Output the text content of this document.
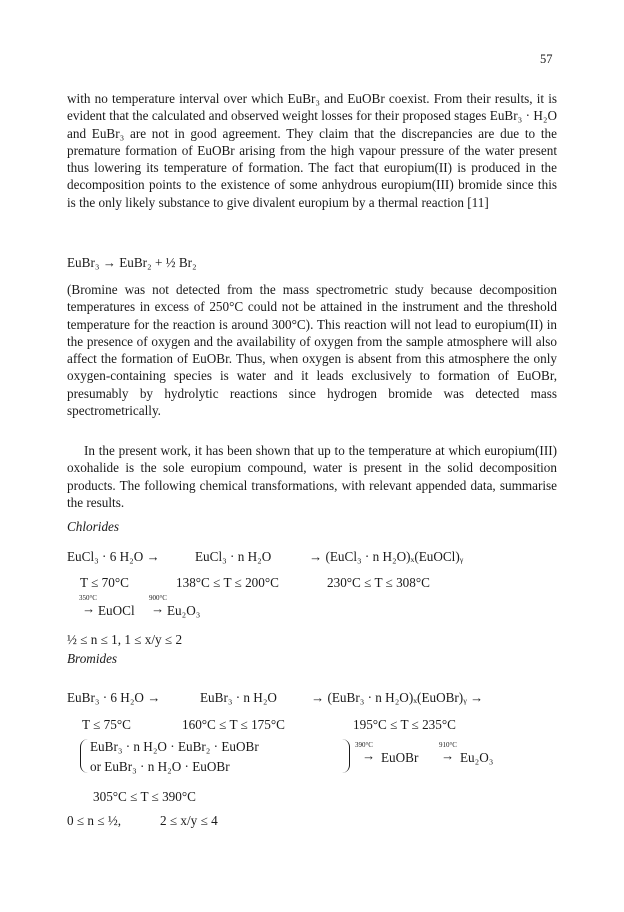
57

with no temperature interval over which EuBr₃ and EuOBr coexist. From their results, it is evident that the calculated and observed weight losses for their proposed stages EuBr₃ · H₂O and EuBr₃ are not in good agreement. They claim that the discrepancies are due to the premature formation of EuOBr arising from the high vapour pressure of the water present thus lowering its temperature of formation. The fact that europium(II) is produced in the decomposition points to the existence of some anhydrous europium(III) bromide since this is the only likely substance to give divalent europium by a thermal reaction [11]

EuBr₃ → EuBr₂ + ½ Br₂

(Bromine was not detected from the mass spectrometric study because decomposition temperatures in excess of 250°C could not be attained in the instrument and the threshold temperature for the reaction is around 300°C). This reaction will not lead to europium(II) in the presence of oxygen and the availability of oxygen from the sample atmosphere will also affect the formation of EuOBr. Thus, when oxygen is absent from this atmosphere the only oxygen-containing species is water and it leads exclusively to formation of EuOBr, presumably by hydrolytic reactions since hydrogen bromide was detected mass spectrometrically.

In the present work, it has been shown that up to the temperature at which europium(III) oxohalide is the sole europium compound, water is present in the solid decomposition products. The following chemical transformations, with relevant appended data, summarise the results.

Chlorides
EuCl₃ · 6 H₂O →	EuCl₃ · n H₂O	→ (EuCl₃ · n H₂O)ₓ(EuOCl)ᵧ
T ≤ 70°C	138°C ≤ T ≤ 200°C	230°C ≤ T ≤ 308°C
350°C	900°C
→ EuOCl → Eu₂O₃
½ ≤ n ≤ 1, 1 ≤ x/y ≤ 2
Bromides
EuBr₃ · 6 H₂O →	EuBr₃ · n H₂O	→ (EuBr₃ · n H₂O)ₓ(EuOBr)ᵧ →
T ≤ 75°C	160°C ≤ T ≤ 175°C	195°C ≤ T ≤ 235°C
EuBr₃ · n H₂O · EuBr₂ · EuOBr
or EuBr₃ · n H₂O · EuOBr
390°C	910°C
→ EuOBr → Eu₂O₃
305°C ≤ T ≤ 390°C
0 ≤ n ≤ ½,	2 ≤ x/y ≤ 4
